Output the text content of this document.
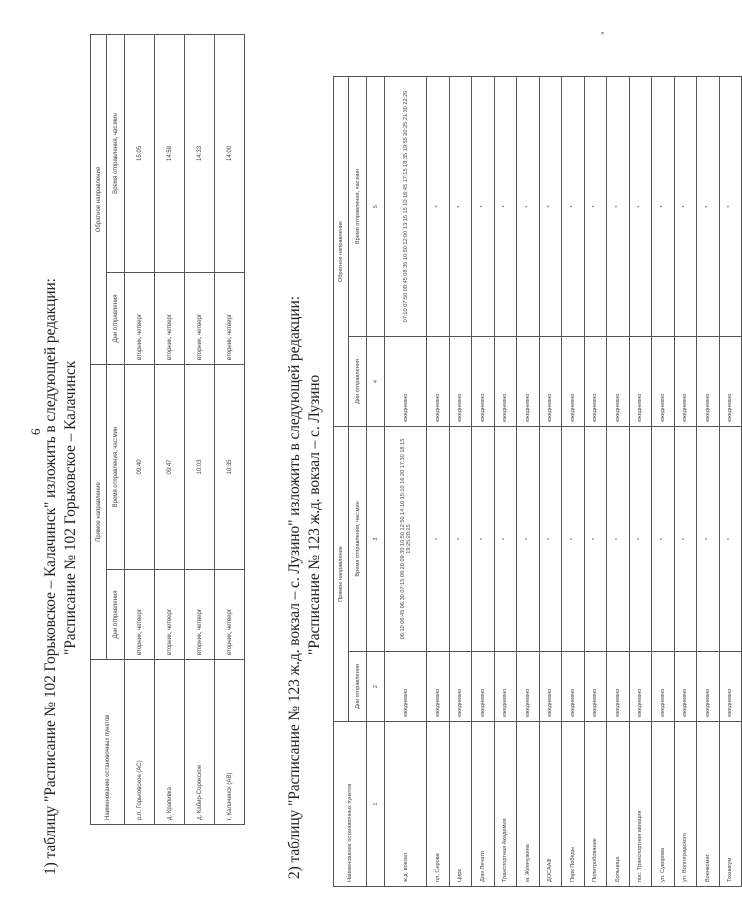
6 1) таблицу "Расписание № 102 Горьковское – Калачинск" изложить в следующей редакции: "Расписание № 102 Горьковское – Калачинск
Наименование остановочных пунктов	Прямое направление		Обратное направление	
	Дни отправления	Время отправления, час:мин	Дни отправления	Время отправления, час:мин
р.п. Горьковское (АС)	вторник, четверг	09:40	вторник, четверг	15:05
д. Крапивка	вторник, четверг	09:47	вторник, четверг	14:58
д. Кабир-Сорокское	вторник, четверг	10:03	вторник, четверг	14:33
г. Калачинск (АВ)	вторник, четверг	10:35	вторник, четверг	14:00
2) таблицу "Расписание № 123 ж.д. вокзал – с. Лузино" изложить в следующей редакции: "Расписание № 123 ж.д. вокзал – с. Лузино
Наименование остановочных пунктов	Прямое направление		Обратное направление	
	Дни отправления	Время отправления, час:мин	Дни отправления	Время отправления, час:мин
1	2	3	4	5
ж.д. вокзал	ежедневно	06:10 06:45 06:30 07:15 08:20 09:30 10:50 12:50 14:10 15:10 16:20 17:30 18:15 19:25 20:15	ежедневно	07:10 07:50 08:45 08:35 10:50 12:00 13:15 15 10 16:45 17:15 18:35 19:55 20:25 21:30 22:20
пл. Серова	ежедневно	*	ежедневно	*
Цирк	ежедневно	*	ежедневно	*
Дом Печати	ежедневно	*	ежедневно	*
Транспортная Академия	ежедневно	*	ежедневно	*
м. Жемчужина	ежедневно	*	ежедневно	*
ДОСААФ	ежедневно	*	ежедневно	*
Парк Победы	ежедневно	*	ежедневно	*
Политробование	ежедневно	*	ежедневно	*
Больница	ежедневно	*	ежедневно	*
пос. Транспортная авиация	ежедневно	*	ежедневно	*
ул. Суворова	ежедневно	*	ежедневно	*
ул. Волгоградского	ежедневно	*	ежедневно	*
Военкомат	ежедневно	*	ежедневно	*
Техникум	ежедневно	*	ежедневно	*
"
